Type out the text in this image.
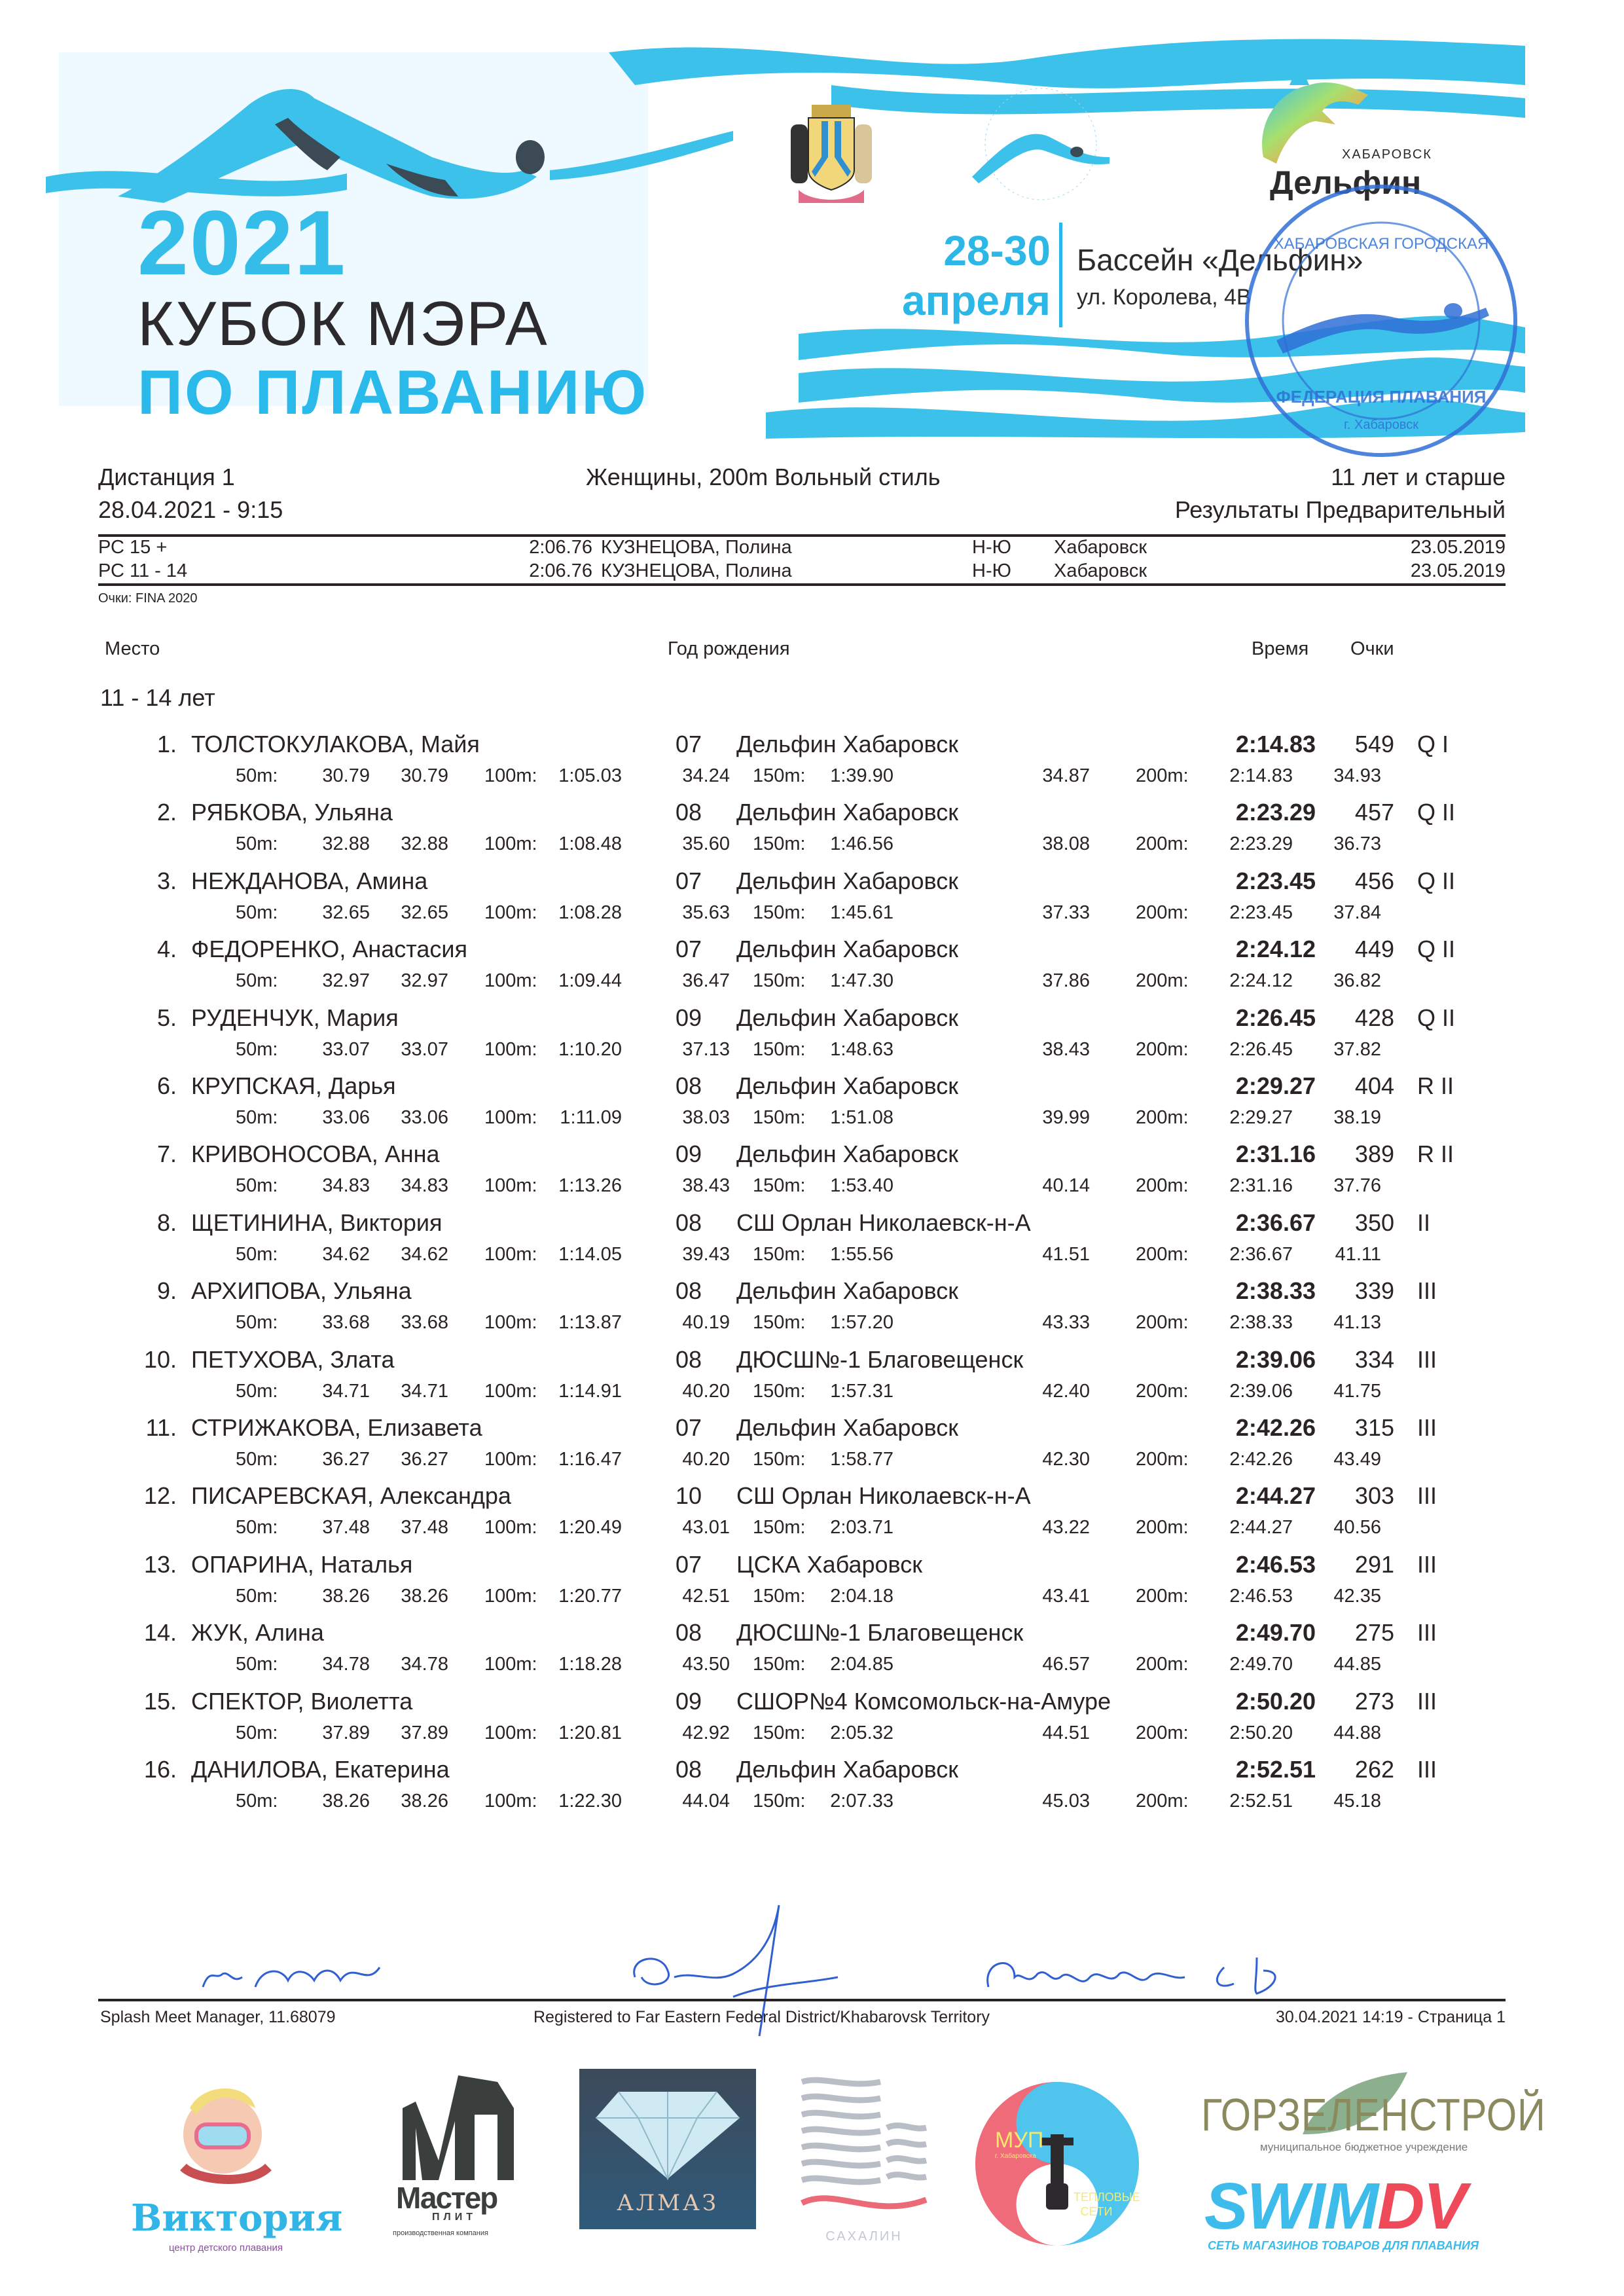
2021
КУБОК МЭРА
ПО ПЛАВАНИЮ
ХАБАРОВСК
Дельфин
28-30
апреля
Бассейн «Дельфин»
ул. Королева, 4В
ХАБАРОВСКАЯ ГОРОДСКАЯ
ФЕДЕРАЦИЯ ПЛАВАНИЯ
г. Хабаровск
Дистанция 1	Женщины, 200m Вольный стиль	11 лет и старше
28.04.2021 - 9:15	Результаты Предварительный
РС 15 +	2:06.76 КУЗНЕЦОВА, Полина	Н-Ю Хабаровск	23.05.2019
РС 11 - 14	2:06.76 КУЗНЕЦОВА, Полина	Н-Ю Хабаровск	23.05.2019
Очки: FINA 2020
Место	Год рождения	Время Очки
11 - 14 лет
1. ТОЛСТОКУЛАКОВА, Майя	07 Дельфин Хабаровск	2:14.83	549 Q I
50m:	30.79	30.79 100m:	1:05.03	34.24 150m:	1:39.90	34.87 200m:	2:14.83	34.93
2. РЯБКОВА, Ульяна	08 Дельфин Хабаровск	2:23.29	457 Q II
50m:	32.88	32.88 100m:	1:08.48	35.60 150m:	1:46.56	38.08 200m:	2:23.29	36.73
3. НЕЖДАНОВА, Амина	07 Дельфин Хабаровск	2:23.45	456 Q II
50m:	32.65	32.65 100m:	1:08.28	35.63 150m:	1:45.61	37.33 200m:	2:23.45	37.84
4. ФЕДОРЕНКО, Анастасия	07 Дельфин Хабаровск	2:24.12	449 Q II
50m:	32.97	32.97 100m:	1:09.44	36.47 150m:	1:47.30	37.86 200m:	2:24.12	36.82
5. РУДЕНЧУК, Мария	09 Дельфин Хабаровск	2:26.45	428 Q II
50m:	33.07	33.07 100m:	1:10.20	37.13 150m:	1:48.63	38.43 200m:	2:26.45	37.82
6. КРУПСКАЯ, Дарья	08 Дельфин Хабаровск	2:29.27	404 R II
50m:	33.06	33.06 100m:	1:11.09	38.03 150m:	1:51.08	39.99 200m:	2:29.27	38.19
7. КРИВОНОСОВА, Анна	09 Дельфин Хабаровск	2:31.16	389 R II
50m:	34.83	34.83 100m:	1:13.26	38.43 150m:	1:53.40	40.14 200m:	2:31.16	37.76
8. ЩЕТИНИНА, Виктория	08 СШ Орлан Николаевск-н-А	2:36.67	350 II
50m:	34.62	34.62 100m:	1:14.05	39.43 150m:	1:55.56	41.51 200m:	2:36.67	41.11
9. АРХИПОВА, Ульяна	08 Дельфин Хабаровск	2:38.33	339 III
50m:	33.68	33.68 100m:	1:13.87	40.19 150m:	1:57.20	43.33 200m:	2:38.33	41.13
10. ПЕТУХОВА, Злата	08 ДЮСШ№-1 Благовещенск	2:39.06	334 III
50m:	34.71	34.71 100m:	1:14.91	40.20 150m:	1:57.31	42.40 200m:	2:39.06	41.75
11. СТРИЖАКОВА, Елизавета	07 Дельфин Хабаровск	2:42.26	315 III
50m:	36.27	36.27 100m:	1:16.47	40.20 150m:	1:58.77	42.30 200m:	2:42.26	43.49
12. ПИСАРЕВСКАЯ, Александра	10 СШ Орлан Николаевск-н-А	2:44.27	303 III
50m:	37.48	37.48 100m:	1:20.49	43.01 150m:	2:03.71	43.22 200m:	2:44.27	40.56
13. ОПАРИНА, Наталья	07 ЦСКА Хабаровск	2:46.53	291 III
50m:	38.26	38.26 100m:	1:20.77	42.51 150m:	2:04.18	43.41 200m:	2:46.53	42.35
14. ЖУК, Алина	08 ДЮСШ№-1 Благовещенск	2:49.70	275 III
50m:	34.78	34.78 100m:	1:18.28	43.50 150m:	2:04.85	46.57 200m:	2:49.70	44.85
15. СПЕКТОР, Виолетта	09 СШОР№4 Комсомольск-на-Амуре	2:50.20	273 III
50m:	37.89	37.89 100m:	1:20.81	42.92 150m:	2:05.32	44.51 200m:	2:50.20	44.88
16. ДАНИЛОВА, Екатерина	08 Дельфин Хабаровск	2:52.51	262 III
50m:	38.26	38.26 100m:	1:22.30	44.04 150m:	2:07.33	45.03 200m:	2:52.51	45.18
Splash Meet Manager, 11.68079	Registered to Far Eastern Federal District/Khabarovsk Territory	30.04.2021 14:19 - Страница 1
Виктория
центр детского плавания
Мастер
ПЛИТ
производственная компания
АЛМАЗ
САХАЛИН
МУП
г. Хабаровска
ТЕПЛОВЫЕ СЕТИ
ГОРЗЕЛЕНСТРОЙ
муниципальное бюджетное учреждение
SWIMDV
СЕТЬ МАГАЗИНОВ ТОВАРОВ ДЛЯ ПЛАВАНИЯ
